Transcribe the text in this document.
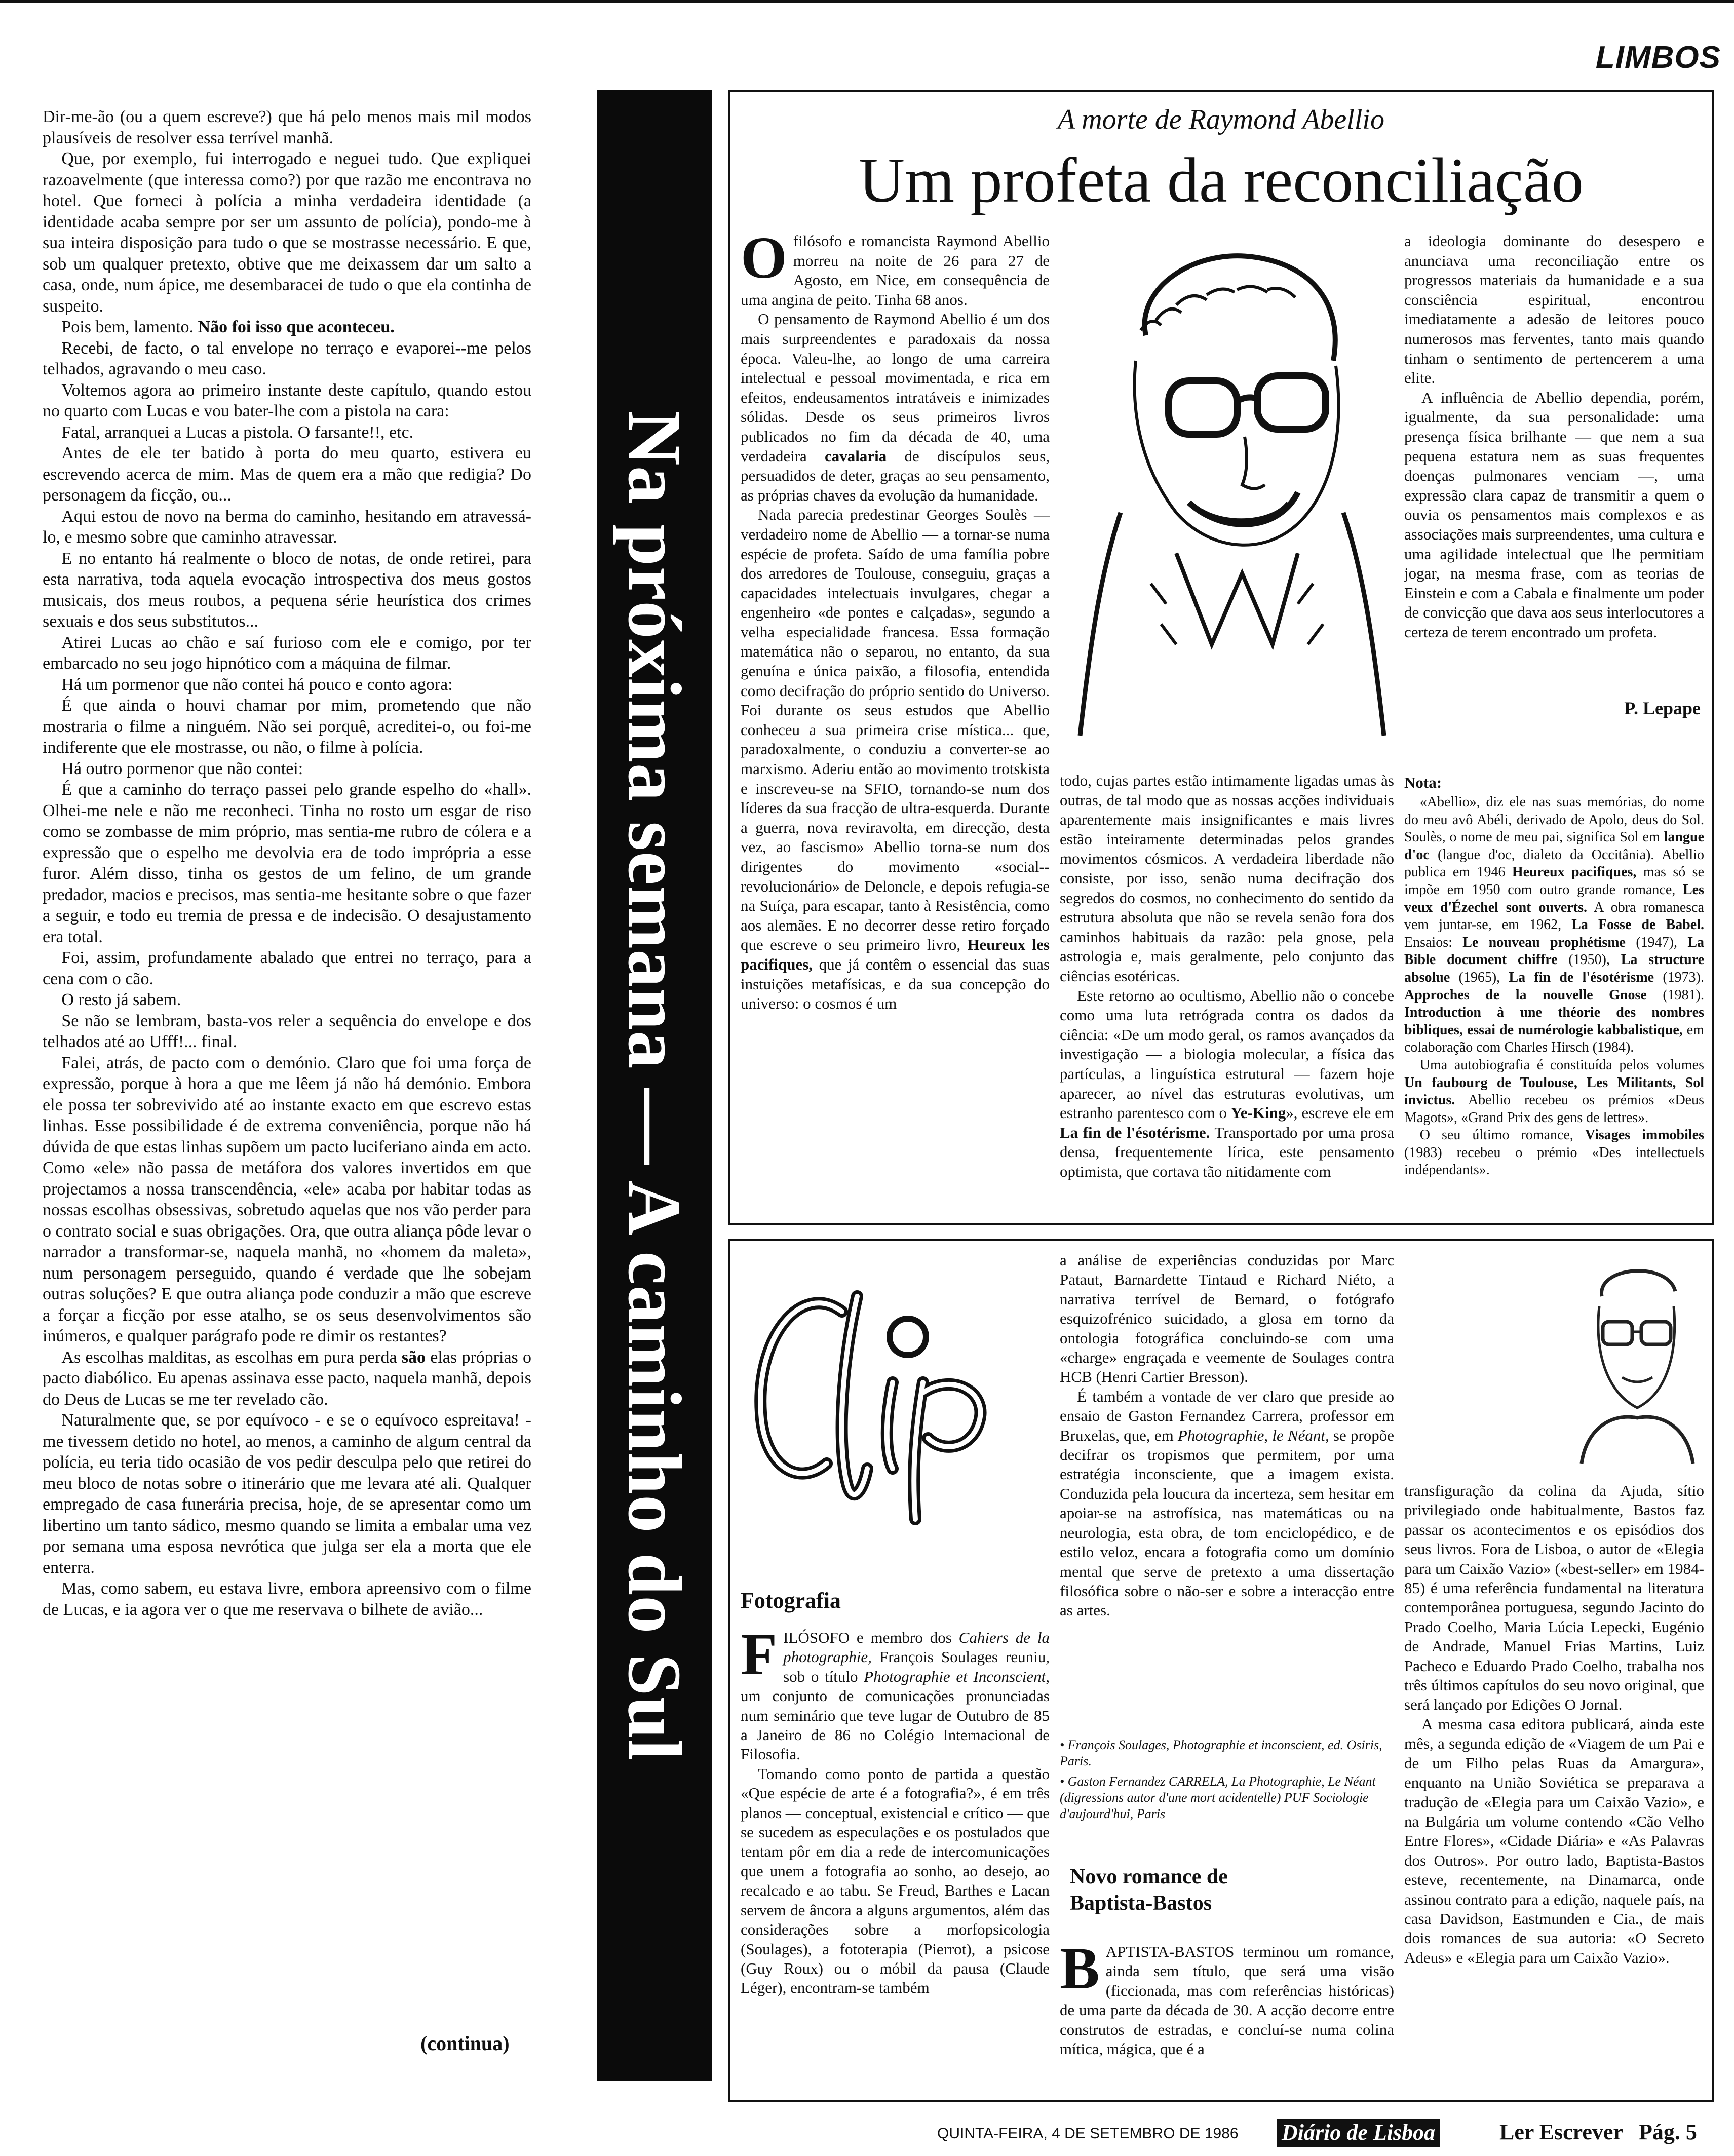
LIMBOS

Dir-me-ão (ou a quem escreve?) que há pelo menos mais mil modos plausíveis de resolver essa terrível manhã.

Que, por exemplo, fui interrogado e neguei tudo. Que expliquei razoavelmente (que interessa como?) por que razão me encontrava no hotel. Que forneci à polícia a minha verdadeira identidade (a identidade acaba sempre por ser um assunto de polícia), pondo-me à sua inteira disposição para tudo o que se mostrasse necessário. E que, sob um qualquer pretexto, obtive que me deixassem dar um salto a casa, onde, num ápice, me desembaracei de tudo o que ela continha de suspeito.

Pois bem, lamento. Não foi isso que aconteceu.

Recebi, de facto, o tal envelope no terraço e evaporei--me pelos telhados, agravando o meu caso.

Voltemos agora ao primeiro instante deste capítulo, quando estou no quarto com Lucas e vou bater-lhe com a pistola na cara:

Fatal, arranquei a Lucas a pistola. O farsante!!, etc.

Antes de ele ter batido à porta do meu quarto, estivera eu escrevendo acerca de mim. Mas de quem era a mão que redigia? Do personagem da ficção, ou...

Aqui estou de novo na berma do caminho, hesitando em atravessá-lo, e mesmo sobre que caminho atravessar.

E no entanto há realmente o bloco de notas, de onde retirei, para esta narrativa, toda aquela evocação introspectiva dos meus gostos musicais, dos meus roubos, a pequena série heurística dos crimes sexuais e dos seus substitutos...

Atirei Lucas ao chão e saí furioso com ele e comigo, por ter embarcado no seu jogo hipnótico com a máquina de filmar.

Há um pormenor que não contei há pouco e conto agora:

É que ainda o houvi chamar por mim, prometendo que não mostraria o filme a ninguém. Não sei porquê, acreditei-o, ou foi-me indiferente que ele mostrasse, ou não, o filme à polícia.

Há outro pormenor que não contei:

É que a caminho do terraço passei pelo grande espelho do «hall». Olhei-me nele e não me reconheci. Tinha no rosto um esgar de riso como se zombasse de mim próprio, mas sentia-me rubro de cólera e a expressão que o espelho me devolvia era de todo imprópria a esse furor. Além disso, tinha os gestos de um felino, de um grande predador, macios e precisos, mas sentia-me hesitante sobre o que fazer a seguir, e todo eu tremia de pressa e de indecisão. O desajustamento era total.

Foi, assim, profundamente abalado que entrei no terraço, para a cena com o cão.

O resto já sabem.

Se não se lembram, basta-vos reler a sequência do envelope e dos telhados até ao Ufff!... final.

Falei, atrás, de pacto com o demónio. Claro que foi uma força de expressão, porque à hora a que me lêem já não há demónio. Embora ele possa ter sobrevivido até ao instante exacto em que escrevo estas linhas. Esse possibilidade é de extrema conveniência, porque não há dúvida de que estas linhas supõem um pacto luciferiano ainda em acto. Como «ele» não passa de metáfora dos valores invertidos em que projectamos a nossa transcendência, «ele» acaba por habitar todas as nossas escolhas obsessivas, sobretudo aquelas que nos vão perder para o contrato social e suas obrigações. Ora, que outra aliança pôde levar o narrador a transformar-se, naquela manhã, no «homem da maleta», num personagem perseguido, quando é verdade que lhe sobejam outras soluções? E que outra aliança pode conduzir a mão que escreve a forçar a ficção por esse atalho, se os seus desenvolvimentos são inúmeros, e qualquer parágrafo pode re dimir os restantes?

As escolhas malditas, as escolhas em pura perda são elas próprias o pacto diabólico. Eu apenas assinava esse pacto, naquela manhã, depois do Deus de Lucas se me ter revelado cão.

Naturalmente que, se por equívoco - e se o equívoco espreitava! - me tivessem detido no hotel, ao menos, a caminho de algum central da polícia, eu teria tido ocasião de vos pedir desculpa pelo que retirei do meu bloco de notas sobre o itinerário que me levara até ali. Qualquer empregado de casa funerária precisa, hoje, de se apresentar como um libertino um tanto sádico, mesmo quando se limita a embalar uma vez por semana uma esposa nevrótica que julga ser ela a morta que ele enterra.

Mas, como sabem, eu estava livre, embora apreensivo com o filme de Lucas, e ia agora ver o que me reservava o bilhete de avião...

(continua)
Na próxima semana — A caminho do Sul
A morte de Raymond Abellio
Um profeta da reconciliação

Ofilósofo e romancista Raymond Abellio morreu na noite de 26 para 27 de Agosto, em Nice, em consequência de uma angina de peito. Tinha 68 anos.

O pensamento de Raymond Abellio é um dos mais surpreendentes e paradoxais da nossa época. Valeu-lhe, ao longo de uma carreira intelectual e pessoal movimentada, e rica em efeitos, endeusamentos intratáveis e inimizades sólidas. Desde os seus primeiros livros publicados no fim da década de 40, uma verdadeira cavalaria de discípulos seus, persuadidos de deter, graças ao seu pensamento, as próprias chaves da evolução da humanidade.

Nada parecia predestinar Georges Soulès — verdadeiro nome de Abellio — a tornar-se numa espécie de profeta. Saído de uma família pobre dos arredores de Toulouse, conseguiu, graças a capacidades intelectuais invulgares, chegar a engenheiro «de pontes e calçadas», segundo a velha especialidade francesa. Essa formação matemática não o separou, no entanto, da sua genuína e única paixão, a filosofia, entendida como decifração do próprio sentido do Universo. Foi durante os seus estudos que Abellio conheceu a sua primeira crise mística... que, paradoxalmente, o conduziu a converter-se ao marxismo. Aderiu então ao movimento trotskista e inscreveu-se na SFIO, tornando-se num dos líderes da sua fracção de ultra-esquerda. Durante a guerra, nova reviravolta, em direcção, desta vez, ao fascismo» Abellio torna-se num dos dirigentes do movimento «social--revolucionário» de Deloncle, e depois refugia-se na Suíça, para escapar, tanto à Resistência, como aos alemães. E no decorrer desse retiro forçado que escreve o seu primeiro livro, Heureux les pacifiques, que já contêm o essencial das suas instuições metafísicas, e da sua concepção do universo: o cosmos é um

todo, cujas partes estão intimamente ligadas umas às outras, de tal modo que as nossas acções individuais aparentemente mais insignificantes e mais livres estão inteiramente determinadas pelos grandes movimentos cósmicos. A verdadeira liberdade não consiste, por isso, senão numa decifração dos segredos do cosmos, no conhecimento do sentido da estrutura absoluta que não se revela senão fora dos caminhos habituais da razão: pela gnose, pela astrologia e, mais geralmente, pelo conjunto das ciências esotéricas.

Este retorno ao ocultismo, Abellio não o concebe como uma luta retrógrada contra os dados da ciência: «De um modo geral, os ramos avançados da investigação — a biologia molecular, a física das partículas, a linguística estrutural — fazem hoje aparecer, ao nível das estruturas evolutivas, um estranho parentesco com o Ye-King», escreve ele em La fin de l'ésotérisme. Transportado por uma prosa densa, frequentemente lírica, este pensamento optimista, que cortava tão nitidamente com

a ideologia dominante do desespero e anunciava uma reconciliação entre os progressos materiais da humanidade e a sua consciência espiritual, encontrou imediatamente a adesão de leitores pouco numerosos mas ferventes, tanto mais quando tinham o sentimento de pertencerem a uma elite.

A influência de Abellio dependia, porém, igualmente, da sua personalidade: uma presença física brilhante — que nem a sua pequena estatura nem as suas frequentes doenças pulmonares venciam —, uma expressão clara capaz de transmitir a quem o ouvia os pensamentos mais complexos e as associações mais surpreendentes, uma cultura e uma agilidade intelectual que lhe permitiam jogar, na mesma frase, com as teorias de Einstein e com a Cabala e finalmente um poder de convicção que dava aos seus interlocutores a certeza de terem encontrado um profeta.

P. Lepape
Nota:

«Abellio», diz ele nas suas memórias, do nome do meu avô Abéli, derivado de Apolo, deus do Sol. Soulès, o nome de meu pai, significa Sol em langue d'oc (langue d'oc, dialeto da Occitânia). Abellio publica em 1946 Heureux pacifiques, mas só se impõe em 1950 com outro grande romance, Les veux d'Ézechel sont ouverts. A obra romanesca vem juntar-se, em 1962, La Fosse de Babel. Ensaios: Le nouveau prophétisme (1947), La Bible document chiffre (1950), La structure absolue (1965), La fin de l'ésotérisme (1973). Approches de la nouvelle Gnose (1981). Introduction à une théorie des nombres bibliques, essai de numérologie kabbalistique, em colaboração com Charles Hirsch (1984).

Uma autobiografia é constituída pelos volumes Un faubourg de Toulouse, Les Militants, Sol invictus. Abellio recebeu os prémios «Deus Magots», «Grand Prix des gens de lettres».

O seu último romance, Visages immobiles (1983) recebeu o prémio «Des intellectuels indépendants».

Fotografia

FILÓSOFO e membro dos Cahiers de la photographie, François Soulages reuniu, sob o título Photographie et Inconscient, um conjunto de comunicações pronunciadas num seminário que teve lugar de Outubro de 85 a Janeiro de 86 no Colégio Internacional de Filosofia.

Tomando como ponto de partida a questão «Que espécie de arte é a fotografia?», é em três planos — conceptual, existencial e crítico — que se sucedem as especulações e os postulados que tentam pôr em dia a rede de intercomunicações que unem a fotografia ao sonho, ao desejo, ao recalcado e ao tabu. Se Freud, Barthes e Lacan servem de âncora a alguns argumentos, além das considerações sobre a morfopsicologia (Soulages), a fototerapia (Pierrot), a psicose (Guy Roux) ou o móbil da pausa (Claude Léger), encontram-se também

a análise de experiências conduzidas por Marc Pataut, Barnardette Tintaud e Richard Niéto, a narrativa terrível de Bernard, o fotógrafo esquizofrénico suicidado, a glosa em torno da ontologia fotográfica concluindo-se com uma «charge» engraçada e veemente de Soulages contra HCB (Henri Cartier Bresson).

É também a vontade de ver claro que preside ao ensaio de Gaston Fernandez Carrera, professor em Bruxelas, que, em Photographie, le Néant, se propõe decifrar os tropismos que permitem, por uma estratégia inconsciente, que a imagem exista. Conduzida pela loucura da incerteza, sem hesitar em apoiar-se na astrofísica, nas matemáticas ou na neurologia, esta obra, de tom enciclopédico, e de estilo veloz, encara a fotografia como um domínio mental que serve de pretexto a uma dissertação filosófica sobre o não-ser e sobre a interacção entre as artes.

• François Soulages, Photographie et inconscient, ed. Osiris, Paris.
• Gaston Fernandez CARRELA, La Photographie, Le Néant (digressions autor d'une mort acidentelle) PUF Sociologie d'aujourd'hui, Paris
Novo romance de Baptista-Bastos

BAPTISTA-BASTOS terminou um romance, ainda sem título, que será uma visão (ficcionada, mas com referências históricas) de uma parte da década de 30. A acção decorre entre construtos de estradas, e concluí-se numa colina mítica, mágica, que é a

transfiguração da colina da Ajuda, sítio privilegiado onde habitualmente, Bastos faz passar os acontecimentos e os episódios dos seus livros. Fora de Lisboa, o autor de «Elegia para um Caixão Vazio» («best-seller» em 1984-85) é uma referência fundamental na literatura contemporânea portuguesa, segundo Jacinto do Prado Coelho, Maria Lúcia Lepecki, Eugénio de Andrade, Manuel Frias Martins, Luiz Pacheco e Eduardo Prado Coelho, trabalha nos três últimos capítulos do seu novo original, que será lançado por Edições O Jornal.

A mesma casa editora publicará, ainda este mês, a segunda edição de «Viagem de um Pai e de um Filho pelas Ruas da Amargura», enquanto na União Soviética se preparava a tradução de «Elegia para um Caixão Vazio», e na Bulgária um volume contendo «Cão Velho Entre Flores», «Cidade Diária» e «As Palavras dos Outros». Por outro lado, Baptista-Bastos esteve, recentemente, na Dinamarca, onde assinou contrato para a edição, naquele país, na casa Davidson, Eastmunden e Cia., de mais dois romances de sua autoria: «O Secreto Adeus» e «Elegia para um Caixão Vazio».

QUINTA-FEIRA, 4 DE SETEMBRO DE 1986 Diário de Lisboa	Ler Escrever Pág. 5
